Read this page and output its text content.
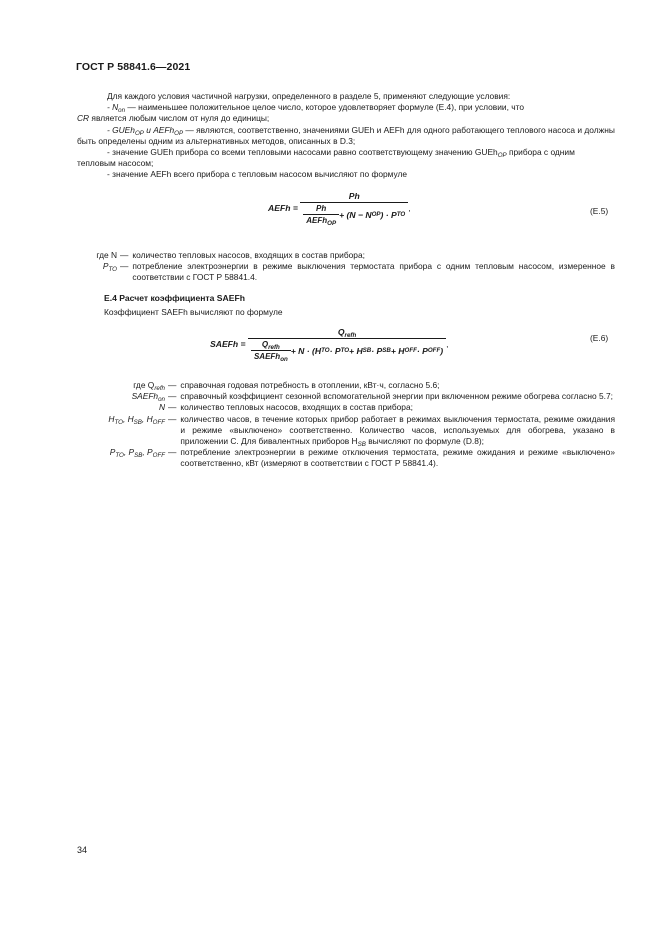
ГОСТ Р 58841.6—2021

Для каждого условия частичной нагрузки, определенного в разделе 5, применяют следующие условия:

- $N_{on}$ — наименьшее положительное целое число, которое удовлетворяет формуле (E.4), при условии, что
CR является любым числом от нуля до единицы;

- GUEh$_{OP}$ и AEFh$_{OP}$ — являются, соответственно, значениями GUEh и AEFh для одного работающего теплового насоса и должны быть определены одним из альтернативных методов, описанных в D.3;

- значение GUEh прибора со всеми тепловыми насосами равно соответствующему значению GUEh$_{OP}$ прибора с одним тепловым насосом;

- значение AEFh всего прибора с тепловым насосом вычисляют по формуле

AEFh =
$\frac{Ph}{\frac{Ph}{AEFh_{OP}} + (N - N OP ) \cdot P TO}$ ,	(E.5)
где N	—	количество тепловых насосов, входящих в состав прибора;
$P_{TO}$	—	потребление электроэнергии в режиме выключения термостата прибора с одним тепловым насосом, измеренное в соответствии с ГОСТ Р 58841.4.
E.4 Расчет коэффициента SAEFh
Коэффициент SAEFh вычисляют по формуле
SAEFh =

$Q_{refh}$
$\frac{Q_{refh}}{SAEFh_{on}} + N \cdot (H$ TO · P TO + H SB · P SB + H OFF · P OFF )
,
(E.6)
где $Q_{refh}$	—	справочная годовая потребность в отоплении, кВт·ч, согласно 5.6;
SAEFh$_{on}$	—	справочный коэффициент сезонной вспомогательной энергии при включенном режиме обогрева согласно 5.7;
N	—	количество тепловых насосов, входящих в состав прибора;
$H_{TO}$, $H_{SB}$, $H_{OFF}$	—	количество часов, в течение которых прибор работает в режимах выключения термостата, режиме ожидания и режиме «выключено» соответственно. Количество часов, используемых для обогрева, указано в приложении С. Для бивалентных приборов $H_{SB}$ вычисляют по формуле (D.8);
$P_{TO}$, $P_{SB}$, $P_{OFF}$	—	потребление электроэнергии в режиме отключения термостата, режиме ожидания и режиме «выключено» соответственно, кВт (измеряют в соответствии с ГОСТ Р 58841.4).
34
